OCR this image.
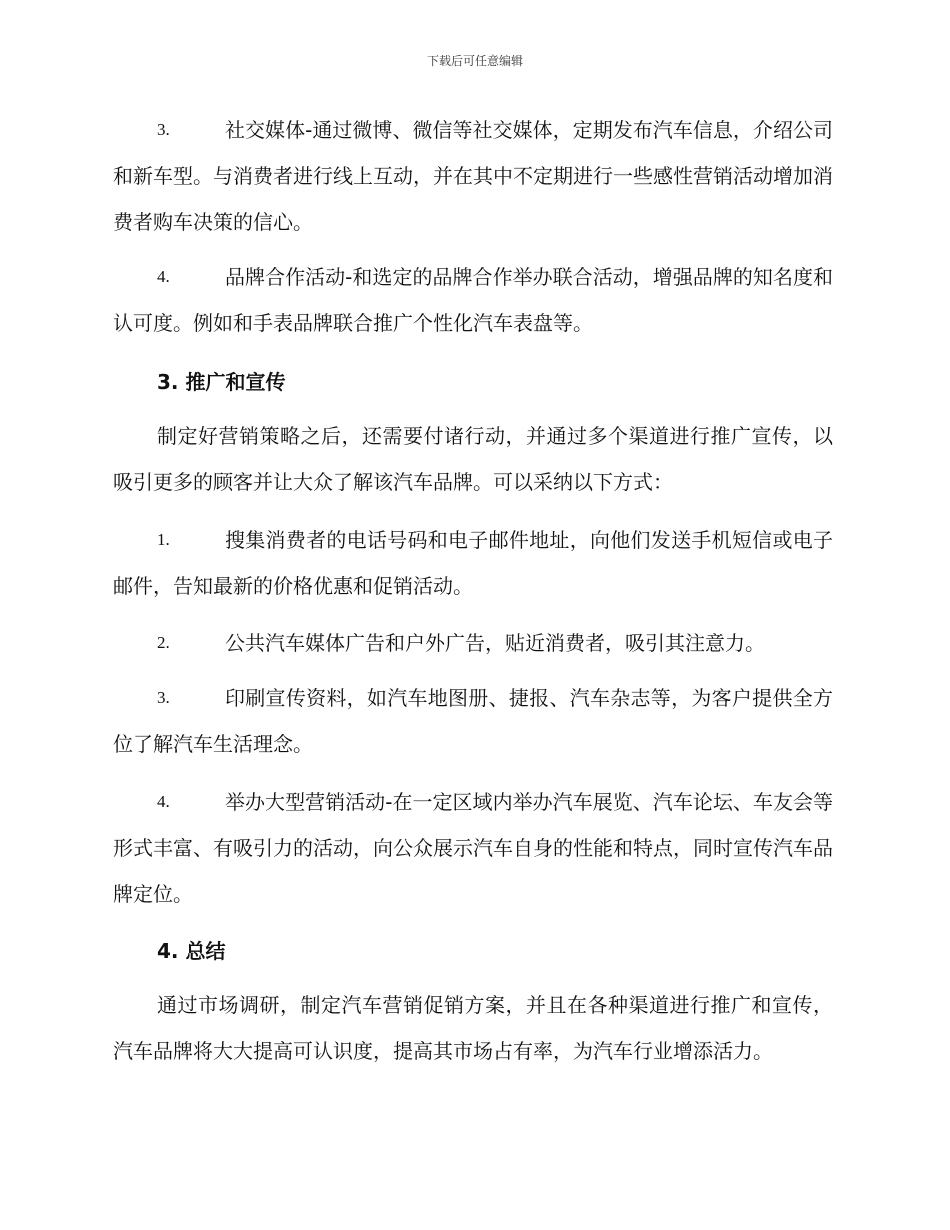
下载后可任意编辑
3.	社交媒体-通过微博、微信等社交媒体，定期发布汽车信息，介绍公司和新车型。与消费者进行线上互动，并在其中不定期进行一些感性营销活动增加消费者购车决策的信心。

4.	品牌合作活动-和选定的品牌合作举办联合活动，增强品牌的知名度和认可度。例如和手表品牌联合推广个性化汽车表盘等。

3. 推广和宣传

制定好营销策略之后，还需要付诸行动，并通过多个渠道进行推广宣传，以吸引更多的顾客并让大众了解该汽车品牌。可以采纳以下方式：

1.	搜集消费者的电话号码和电子邮件地址，向他们发送手机短信或电子邮件，告知最新的价格优惠和促销活动。

2.	公共汽车媒体广告和户外广告，贴近消费者，吸引其注意力。

3.	印刷宣传资料，如汽车地图册、捷报、汽车杂志等，为客户提供全方位了解汽车生活理念。

4.	举办大型营销活动-在一定区域内举办汽车展览、汽车论坛、车友会等形式丰富、有吸引力的活动，向公众展示汽车自身的性能和特点，同时宣传汽车品牌定位。

4. 总结

通过市场调研，制定汽车营销促销方案，并且在各种渠道进行推广和宣传，汽车品牌将大大提高可认识度，提高其市场占有率，为汽车行业增添活力。
